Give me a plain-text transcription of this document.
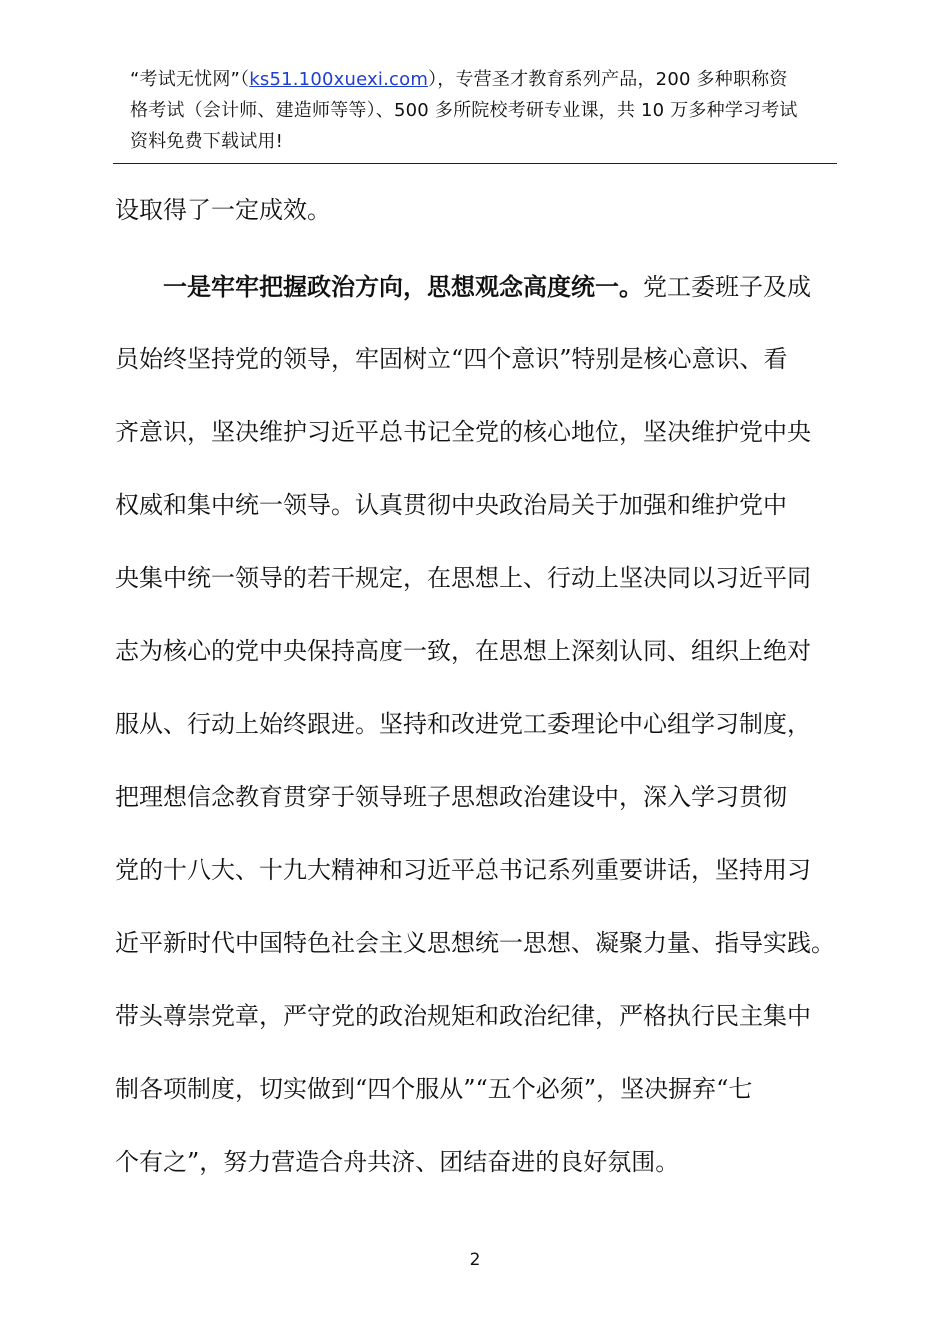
“考试无忧网”（ks51.100xuexi.com），专营圣才教育系列产品，200 多种职称资
格考试（会计师、建造师等等）、500 多所院校考研专业课，共 10 万多种学习考试
资料免费下载试用!
设取得了一定成效。
一是牢牢把握政治方向，思想观念高度统一。党工委班子及成
员始终坚持党的领导，牢固树立“四个意识”特别是核心意识、看
齐意识，坚决维护习近平总书记全党的核心地位，坚决维护党中央
权威和集中统一领导。认真贯彻中央政治局关于加强和维护党中
央集中统一领导的若干规定，在思想上、行动上坚决同以习近平同
志为核心的党中央保持高度一致，在思想上深刻认同、组织上绝对
服从、行动上始终跟进。坚持和改进党工委理论中心组学习制度，
把理想信念教育贯穿于领导班子思想政治建设中，深入学习贯彻
党的十八大、十九大精神和习近平总书记系列重要讲话，坚持用习
近平新时代中国特色社会主义思想统一思想、凝聚力量、指导实践。
带头尊崇党章，严守党的政治规矩和政治纪律，严格执行民主集中
制各项制度，切实做到“四个服从”“五个必须”，坚决摒弃“七
个有之”，努力营造合舟共济、团结奋进的良好氛围。
2
